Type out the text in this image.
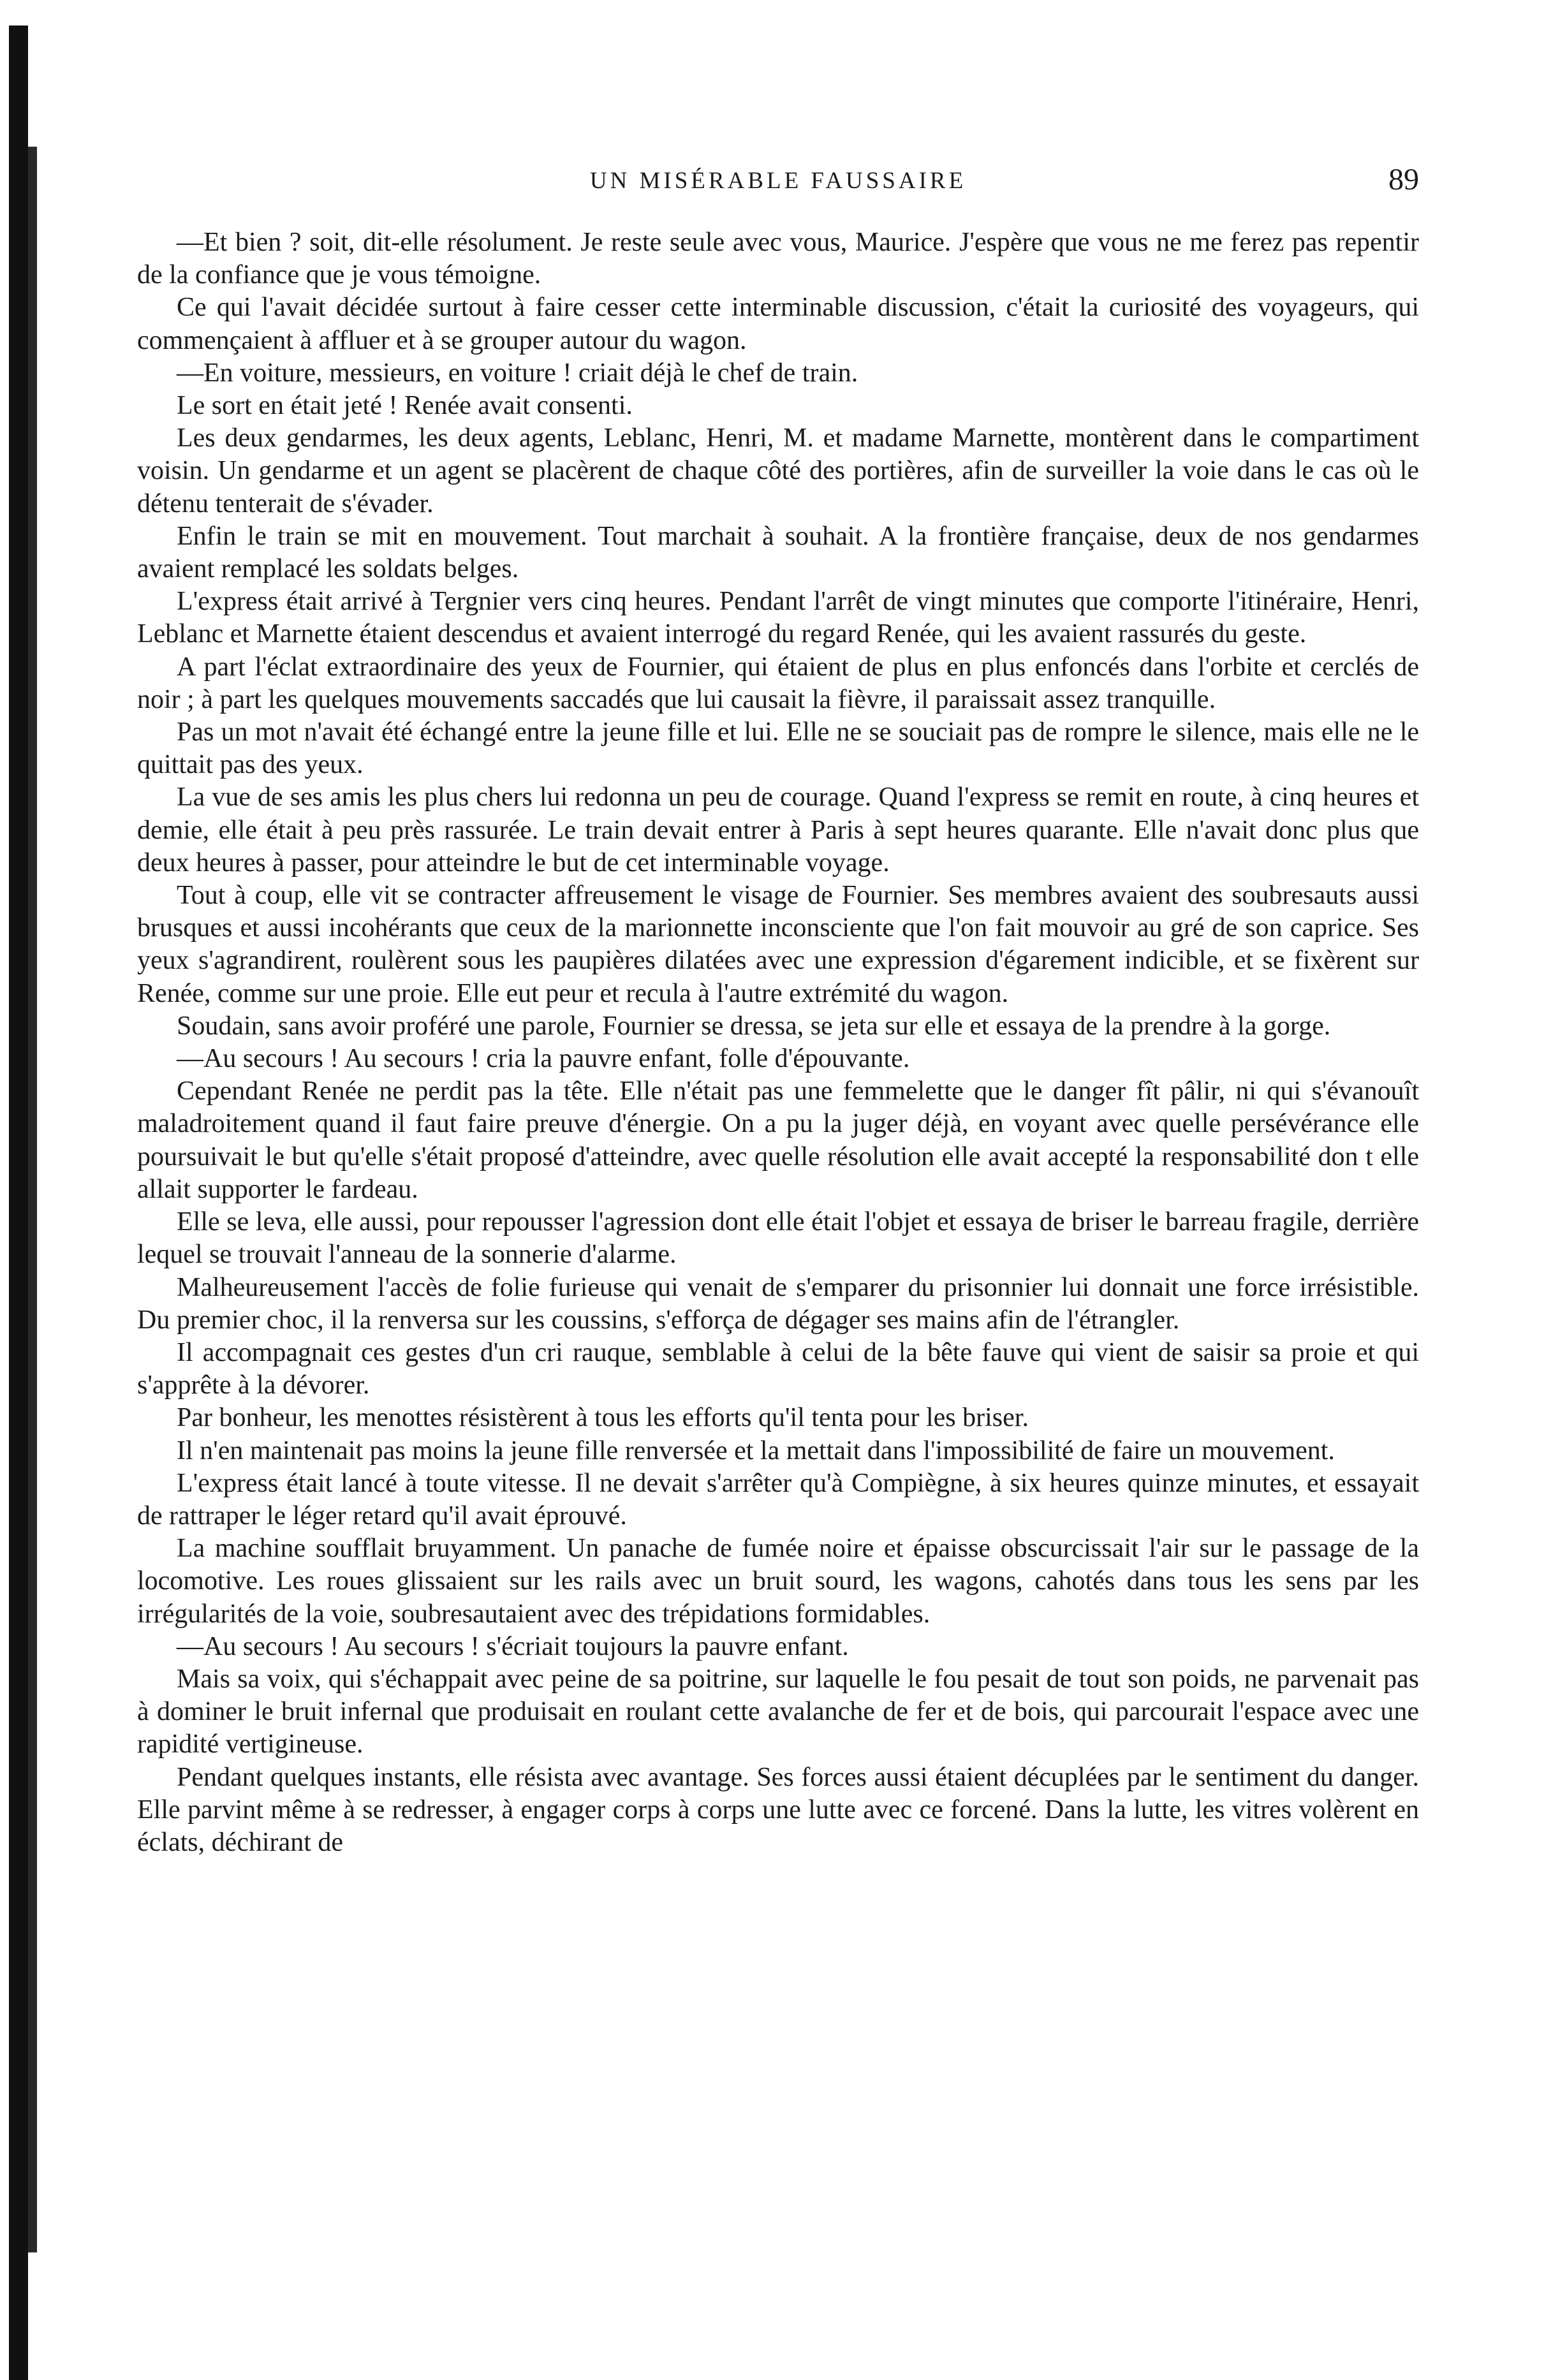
UN MISÉRABLE FAUSSAIRE	89

—Et bien ? soit, dit-elle résolument. Je reste seule avec vous, Maurice. J'espère que vous ne me ferez pas repentir de la confiance que je vous témoigne.

Ce qui l'avait décidée surtout à faire cesser cette interminable discussion, c'était la curiosité des voyageurs, qui commençaient à affluer et à se grouper autour du wagon.

—En voiture, messieurs, en voiture ! criait déjà le chef de train.

Le sort en était jeté ! Renée avait consenti.

Les deux gendarmes, les deux agents, Leblanc, Henri, M. et madame Marnette, montèrent dans le compartiment voisin. Un gendarme et un agent se placèrent de chaque côté des portières, afin de surveiller la voie dans le cas où le détenu tenterait de s'évader.

Enfin le train se mit en mouvement. Tout marchait à souhait. A la frontière française, deux de nos gendarmes avaient remplacé les soldats belges.

L'express était arrivé à Tergnier vers cinq heures. Pendant l'arrêt de vingt minutes que comporte l'itinéraire, Henri, Leblanc et Marnette étaient descendus et avaient interrogé du regard Renée, qui les avaient rassurés du geste.

A part l'éclat extraordinaire des yeux de Fournier, qui étaient de plus en plus enfoncés dans l'orbite et cerclés de noir ; à part les quelques mouvements saccadés que lui causait la fièvre, il paraissait assez tranquille.

Pas un mot n'avait été échangé entre la jeune fille et lui. Elle ne se souciait pas de rompre le silence, mais elle ne le quittait pas des yeux.

La vue de ses amis les plus chers lui redonna un peu de courage. Quand l'express se remit en route, à cinq heures et demie, elle était à peu près rassurée. Le train devait entrer à Paris à sept heures quarante. Elle n'avait donc plus que deux heures à passer, pour atteindre le but de cet interminable voyage.

Tout à coup, elle vit se contracter affreusement le visage de Fournier. Ses membres avaient des soubresauts aussi brusques et aussi incohérants que ceux de la marionnette inconsciente que l'on fait mouvoir au gré de son caprice. Ses yeux s'agrandirent, roulèrent sous les paupières dilatées avec une expression d'égarement indicible, et se fixèrent sur Renée, comme sur une proie. Elle eut peur et recula à l'autre extrémité du wagon.

Soudain, sans avoir proféré une parole, Fournier se dressa, se jeta sur elle et essaya de la prendre à la gorge.

—Au secours ! Au secours ! cria la pauvre enfant, folle d'épouvante.

Cependant Renée ne perdit pas la tête. Elle n'était pas une femmelette que le danger fît pâlir, ni qui s'évanouît maladroitement quand il faut faire preuve d'énergie. On a pu la juger déjà, en voyant avec quelle persévérance elle poursuivait le but qu'elle s'était proposé d'atteindre, avec quelle résolution elle avait accepté la responsabilité don t elle allait supporter le fardeau.

Elle se leva, elle aussi, pour repousser l'agression dont elle était l'objet et essaya de briser le barreau fragile, derrière lequel se trouvait l'anneau de la sonnerie d'alarme.

Malheureusement l'accès de folie furieuse qui venait de s'emparer du prisonnier lui donnait une force irrésistible. Du premier choc, il la renversa sur les coussins, s'efforça de dégager ses mains afin de l'étrangler.

Il accompagnait ces gestes d'un cri rauque, semblable à celui de la bête fauve qui vient de saisir sa proie et qui s'apprête à la dévorer.

Par bonheur, les menottes résistèrent à tous les efforts qu'il tenta pour les briser.

Il n'en maintenait pas moins la jeune fille renversée et la mettait dans l'impossibilité de faire un mouvement.

L'express était lancé à toute vitesse. Il ne devait s'arrêter qu'à Compiègne, à six heures quinze minutes, et essayait de rattraper le léger retard qu'il avait éprouvé.

La machine soufflait bruyamment. Un panache de fumée noire et épaisse obscurcissait l'air sur le passage de la locomotive. Les roues glissaient sur les rails avec un bruit sourd, les wagons, cahotés dans tous les sens par les irrégularités de la voie, soubresautaient avec des trépidations formidables.

—Au secours ! Au secours ! s'écriait toujours la pauvre enfant.

Mais sa voix, qui s'échappait avec peine de sa poitrine, sur laquelle le fou pesait de tout son poids, ne parvenait pas à dominer le bruit infernal que produisait en roulant cette avalanche de fer et de bois, qui parcourait l'espace avec une rapidité vertigineuse.

Pendant quelques instants, elle résista avec avantage. Ses forces aussi étaient décuplées par le sentiment du danger. Elle parvint même à se redresser, à engager corps à corps une lutte avec ce forcené. Dans la lutte, les vitres volèrent en éclats, déchirant de
